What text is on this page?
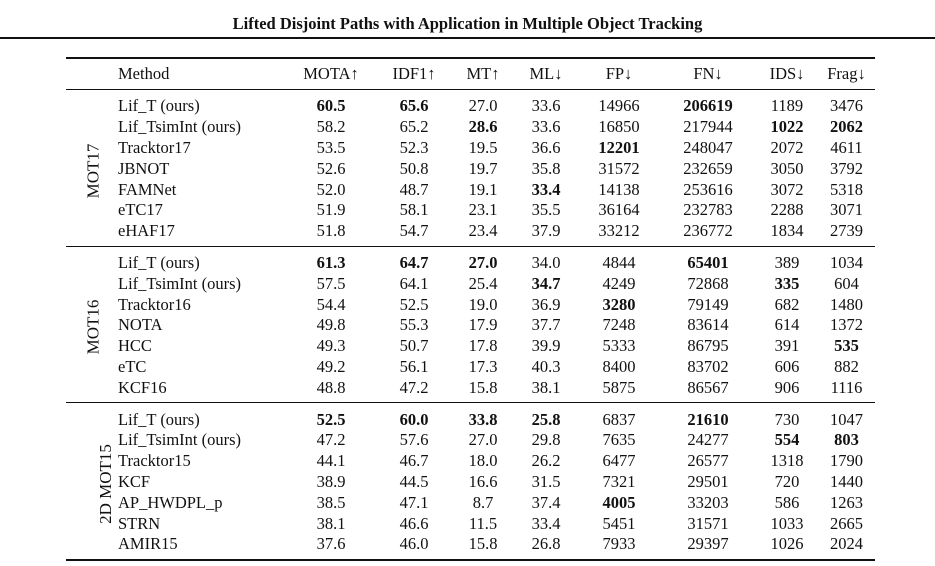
Lifted Disjoint Paths with Application in Multiple Object Tracking
	Method	MOTA↑	IDF1↑	MT↑	ML↓	FP↓	FN↓	IDS↓	Frag↓
MOT17	Lif_T (ours)	60.5	65.6	27.0	33.6	14966	206619	1189	3476
	Lif_TsimInt (ours)	58.2	65.2	28.6	33.6	16850	217944	1022	2062
	Tracktor17	53.5	52.3	19.5	36.6	12201	248047	2072	4611
	JBNOT	52.6	50.8	19.7	35.8	31572	232659	3050	3792
	FAMNet	52.0	48.7	19.1	33.4	14138	253616	3072	5318
	eTC17	51.9	58.1	23.1	35.5	36164	232783	2288	3071
	eHAF17	51.8	54.7	23.4	37.9	33212	236772	1834	2739
MOT16	Lif_T (ours)	61.3	64.7	27.0	34.0	4844	65401	389	1034
	Lif_TsimInt (ours)	57.5	64.1	25.4	34.7	4249	72868	335	604
	Tracktor16	54.4	52.5	19.0	36.9	3280	79149	682	1480
	NOTA	49.8	55.3	17.9	37.7	7248	83614	614	1372
	HCC	49.3	50.7	17.8	39.9	5333	86795	391	535
	eTC	49.2	56.1	17.3	40.3	8400	83702	606	882
	KCF16	48.8	47.2	15.8	38.1	5875	86567	906	1116
2D MOT15	Lif_T (ours)	52.5	60.0	33.8	25.8	6837	21610	730	1047
	Lif_TsimInt (ours)	47.2	57.6	27.0	29.8	7635	24277	554	803
	Tracktor15	44.1	46.7	18.0	26.2	6477	26577	1318	1790
	KCF	38.9	44.5	16.6	31.5	7321	29501	720	1440
	AP_HWDPL_p	38.5	47.1	8.7	37.4	4005	33203	586	1263
	STRN	38.1	46.6	11.5	33.4	5451	31571	1033	2665
	AMIR15	37.6	46.0	15.8	26.8	7933	29397	1026	2024
